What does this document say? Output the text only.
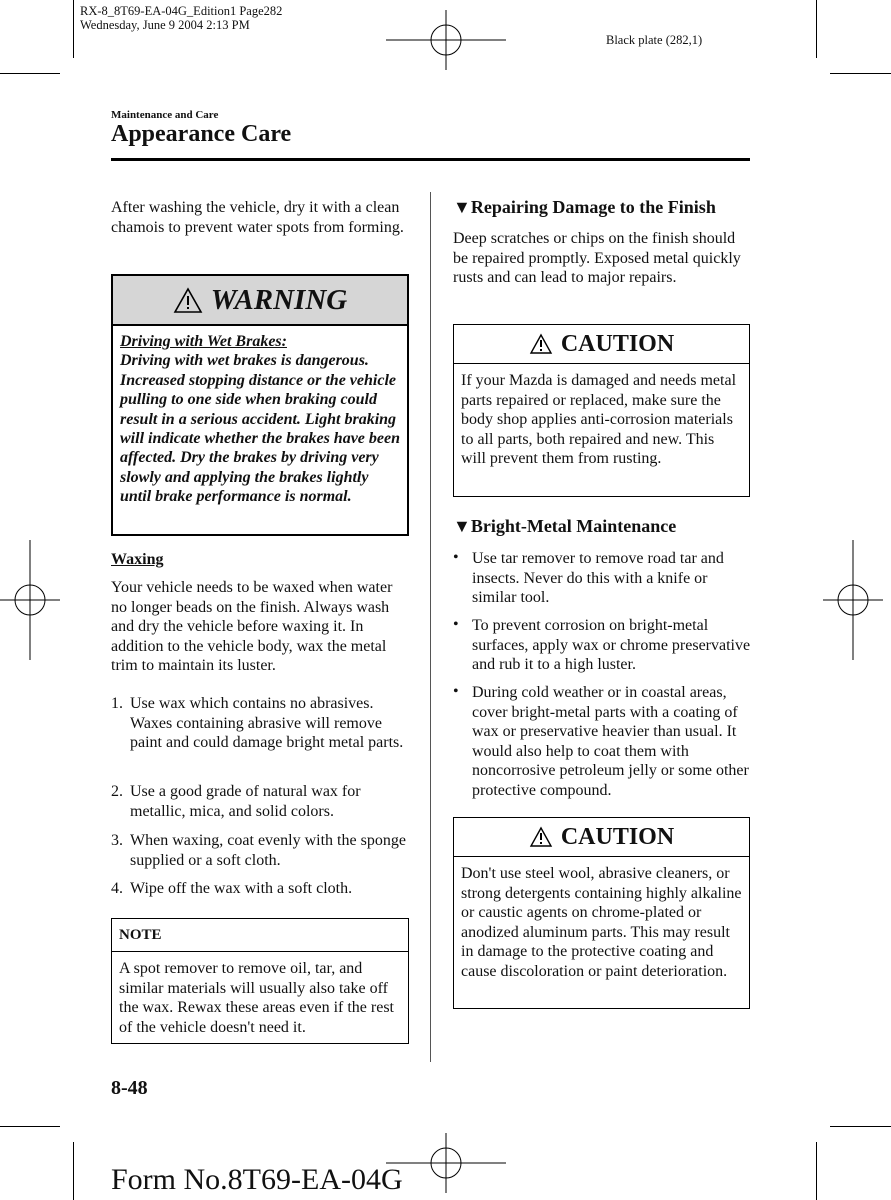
RX-8_8T69-EA-04G_Edition1 Page282
Wednesday, June 9 2004 2:13 PM
Black plate (282,1)
Maintenance and Care
Appearance Care
After washing the vehicle, dry it with a clean chamois to prevent water spots from forming.
WARNING
Driving with Wet Brakes:
Driving with wet brakes is dangerous. Increased stopping distance or the vehicle pulling to one side when braking could result in a serious accident. Light braking will indicate whether the brakes have been affected. Dry the brakes by driving very slowly and applying the brakes lightly until brake performance is normal.
Waxing
Your vehicle needs to be waxed when water no longer beads on the finish. Always wash and dry the vehicle before waxing it. In addition to the vehicle body, wax the metal trim to maintain its luster.
1. Use wax which contains no abrasives. Waxes containing abrasive will remove paint and could damage bright metal parts.
2. Use a good grade of natural wax for metallic, mica, and solid colors.
3. When waxing, coat evenly with the sponge supplied or a soft cloth.
4. Wipe off the wax with a soft cloth.
NOTE
A spot remover to remove oil, tar, and similar materials will usually also take off the wax. Rewax these areas even if the rest of the vehicle doesn't need it.
▼Repairing Damage to the Finish
Deep scratches or chips on the finish should be repaired promptly. Exposed metal quickly rusts and can lead to major repairs.
CAUTION
If your Mazda is damaged and needs metal parts repaired or replaced, make sure the body shop applies anti-corrosion materials to all parts, both repaired and new. This will prevent them from rusting.
▼Bright-Metal Maintenance
• Use tar remover to remove road tar and insects. Never do this with a knife or similar tool.
• To prevent corrosion on bright-metal surfaces, apply wax or chrome preservative and rub it to a high luster.
• During cold weather or in coastal areas, cover bright-metal parts with a coating of wax or preservative heavier than usual. It would also help to coat them with noncorrosive petroleum jelly or some other protective compound.
CAUTION
Don't use steel wool, abrasive cleaners, or strong detergents containing highly alkaline or caustic agents on chrome-plated or anodized aluminum parts. This may result in damage to the protective coating and cause discoloration or paint deterioration.
8-48
Form No.8T69-EA-04G
